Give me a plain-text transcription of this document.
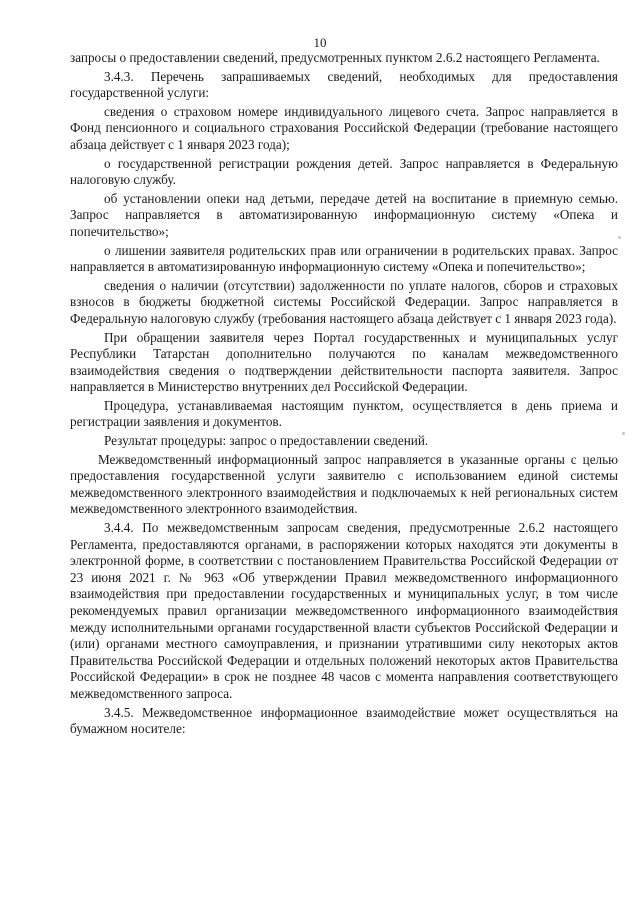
10

запросы о предоставлении сведений, предусмотренных пунктом 2.6.2 настоящего Регламента.

3.4.3. Перечень запрашиваемых сведений, необходимых для предоставления государственной услуги:

сведения о страховом номере индивидуального лицевого счета. Запрос направляется в Фонд пенсионного и социального страхования Российской Федерации (требование настоящего абзаца действует с 1 января 2023 года);

о государственной регистрации рождения детей. Запрос направляется в Федеральную налоговую службу.

об установлении опеки над детьми, передаче детей на воспитание в приемную семью. Запрос направляется в автоматизированную информационную систему «Опека и попечительство»;

о лишении заявителя родительских прав или ограничении в родительских правах. Запрос направляется в автоматизированную информационную систему «Опека и попечительство»;

сведения о наличии (отсутствии) задолженности по уплате налогов, сборов и страховых взносов в бюджеты бюджетной системы Российской Федерации. Запрос направляется в Федеральную налоговую службу (требования настоящего абзаца действует с 1 января 2023 года).

При обращении заявителя через Портал государственных и муниципальных услуг Республики Татарстан дополнительно получаются по каналам межведомственного взаимодействия сведения о подтверждении действительности паспорта заявителя. Запрос направляется в Министерство внутренних дел Российской Федерации.

Процедура, устанавливаемая настоящим пунктом, осуществляется в день приема и регистрации заявления и документов.

Результат процедуры: запрос о предоставлении сведений.

Межведомственный информационный запрос направляется в указанные органы с целью предоставления государственной услуги заявителю с использованием единой системы межведомственного электронного взаимодействия и подключаемых к ней региональных систем межведомственного электронного взаимодействия.

3.4.4. По межведомственным запросам сведения, предусмотренные 2.6.2 настоящего Регламента, предоставляются органами, в распоряжении которых находятся эти документы в электронной форме, в соответствии с постановлением Правительства Российской Федерации от 23 июня 2021 г. № 963 «Об утверждении Правил межведомственного информационного взаимодействия при предоставлении государственных и муниципальных услуг, в том числе рекомендуемых правил организации межведомственного информационного взаимодействия между исполнительными органами государственной власти субъектов Российской Федерации и (или) органами местного самоуправления, и признании утратившими силу некоторых актов Правительства Российской Федерации и отдельных положений некоторых актов Правительства Российской Федерации» в срок не позднее 48 часов с момента направления соответствующего межведомственного запроса.

3.4.5. Межведомственное информационное взаимодействие может осуществляться на бумажном носителе:
